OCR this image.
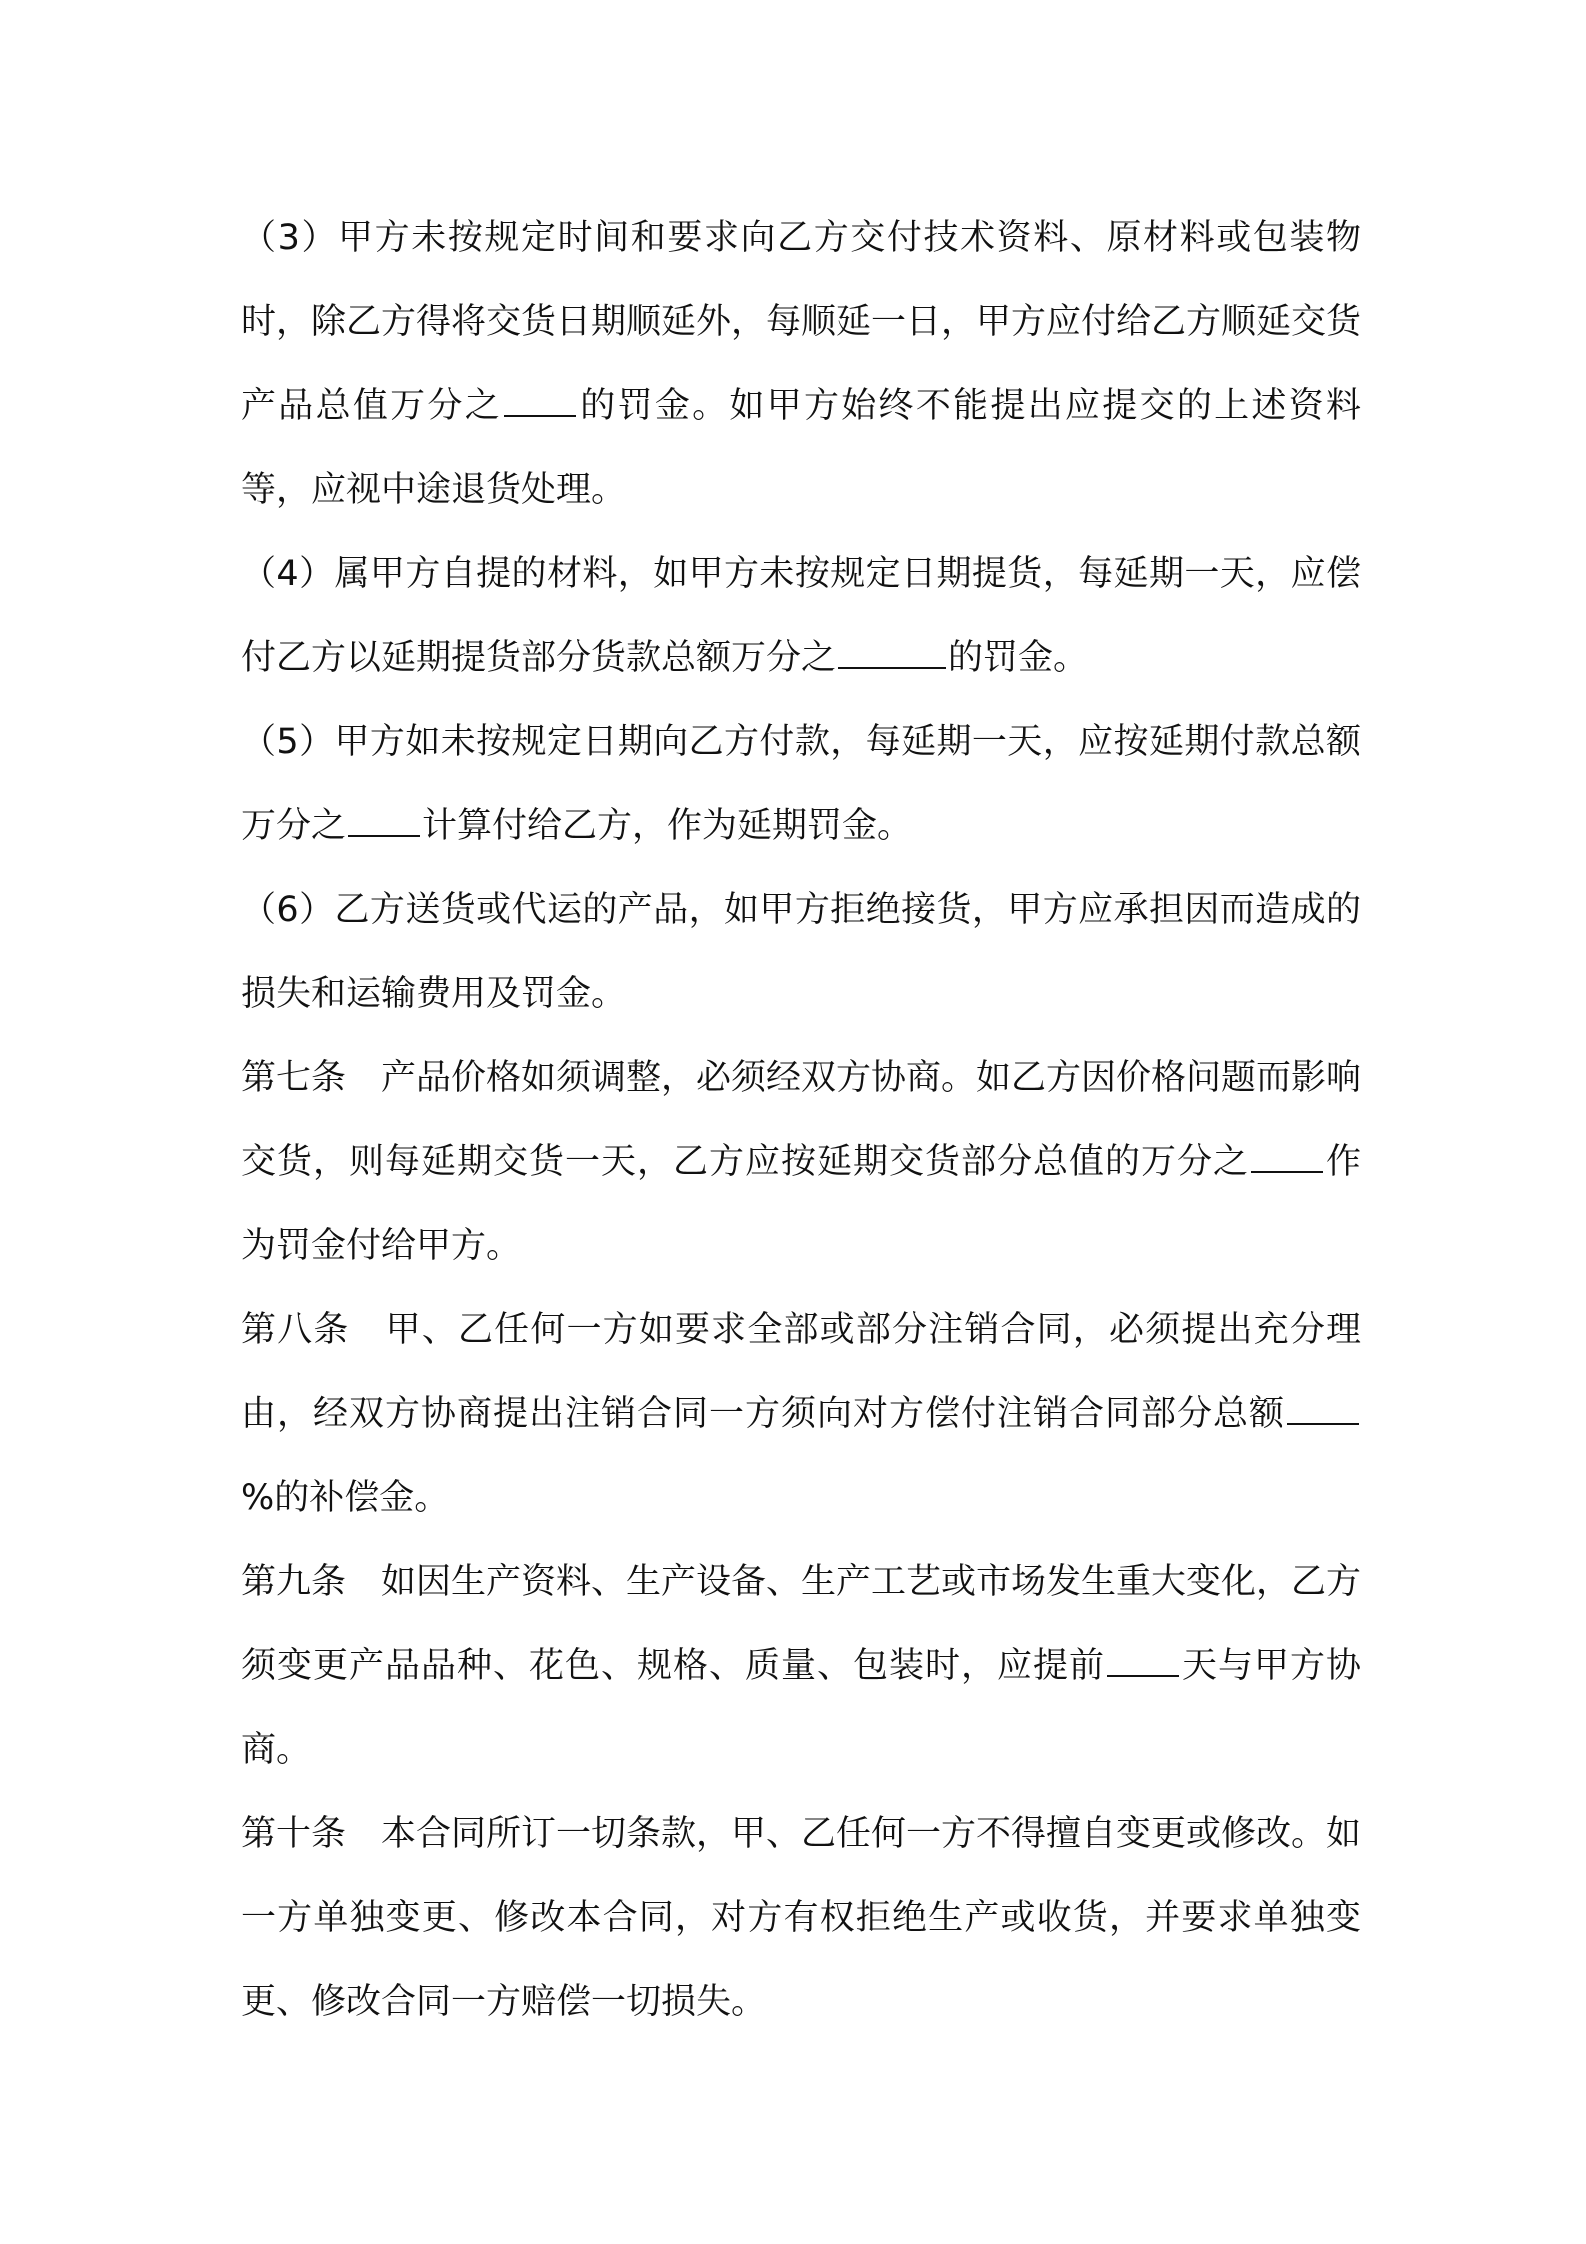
（3）甲方未按规定时间和要求向乙方交付技术资料、原材料或包装物时，除乙方得将交货日期顺延外，每顺延一日，甲方应付给乙方顺延交货产品总值万分之 的罚金。如甲方始终不能提出应提交的上述资料等，应视中途退货处理。

（4）属甲方自提的材料，如甲方未按规定日期提货，每延期一天，应偿付乙方以延期提货部分货款总额万分之	的罚金。

（5）甲方如未按规定日期向乙方付款，每延期一天，应按延期付款总额万分之 计算付给乙方，作为延期罚金。

（6）乙方送货或代运的产品，如甲方拒绝接货，甲方应承担因而造成的损失和运输费用及罚金。

第七条　产品价格如须调整，必须经双方协商。如乙方因价格问题而影响交货，则每延期交货一天，乙方应按延期交货部分总值的万分之 作为罚金付给甲方。

第八条　甲、乙任何一方如要求全部或部分注销合同，必须提出充分理由，经双方协商提出注销合同一方须向对方偿付注销合同部分总额%的补偿金。

第九条　如因生产资料、生产设备、生产工艺或市场发生重大变化，乙方须变更产品品种、花色、规格、质量、包装时，应提前 天与甲方协商。

第十条　本合同所订一切条款，甲、乙任何一方不得擅自变更或修改。如一方单独变更、修改本合同，对方有权拒绝生产或收货，并要求单独变更、修改合同一方赔偿一切损失。
